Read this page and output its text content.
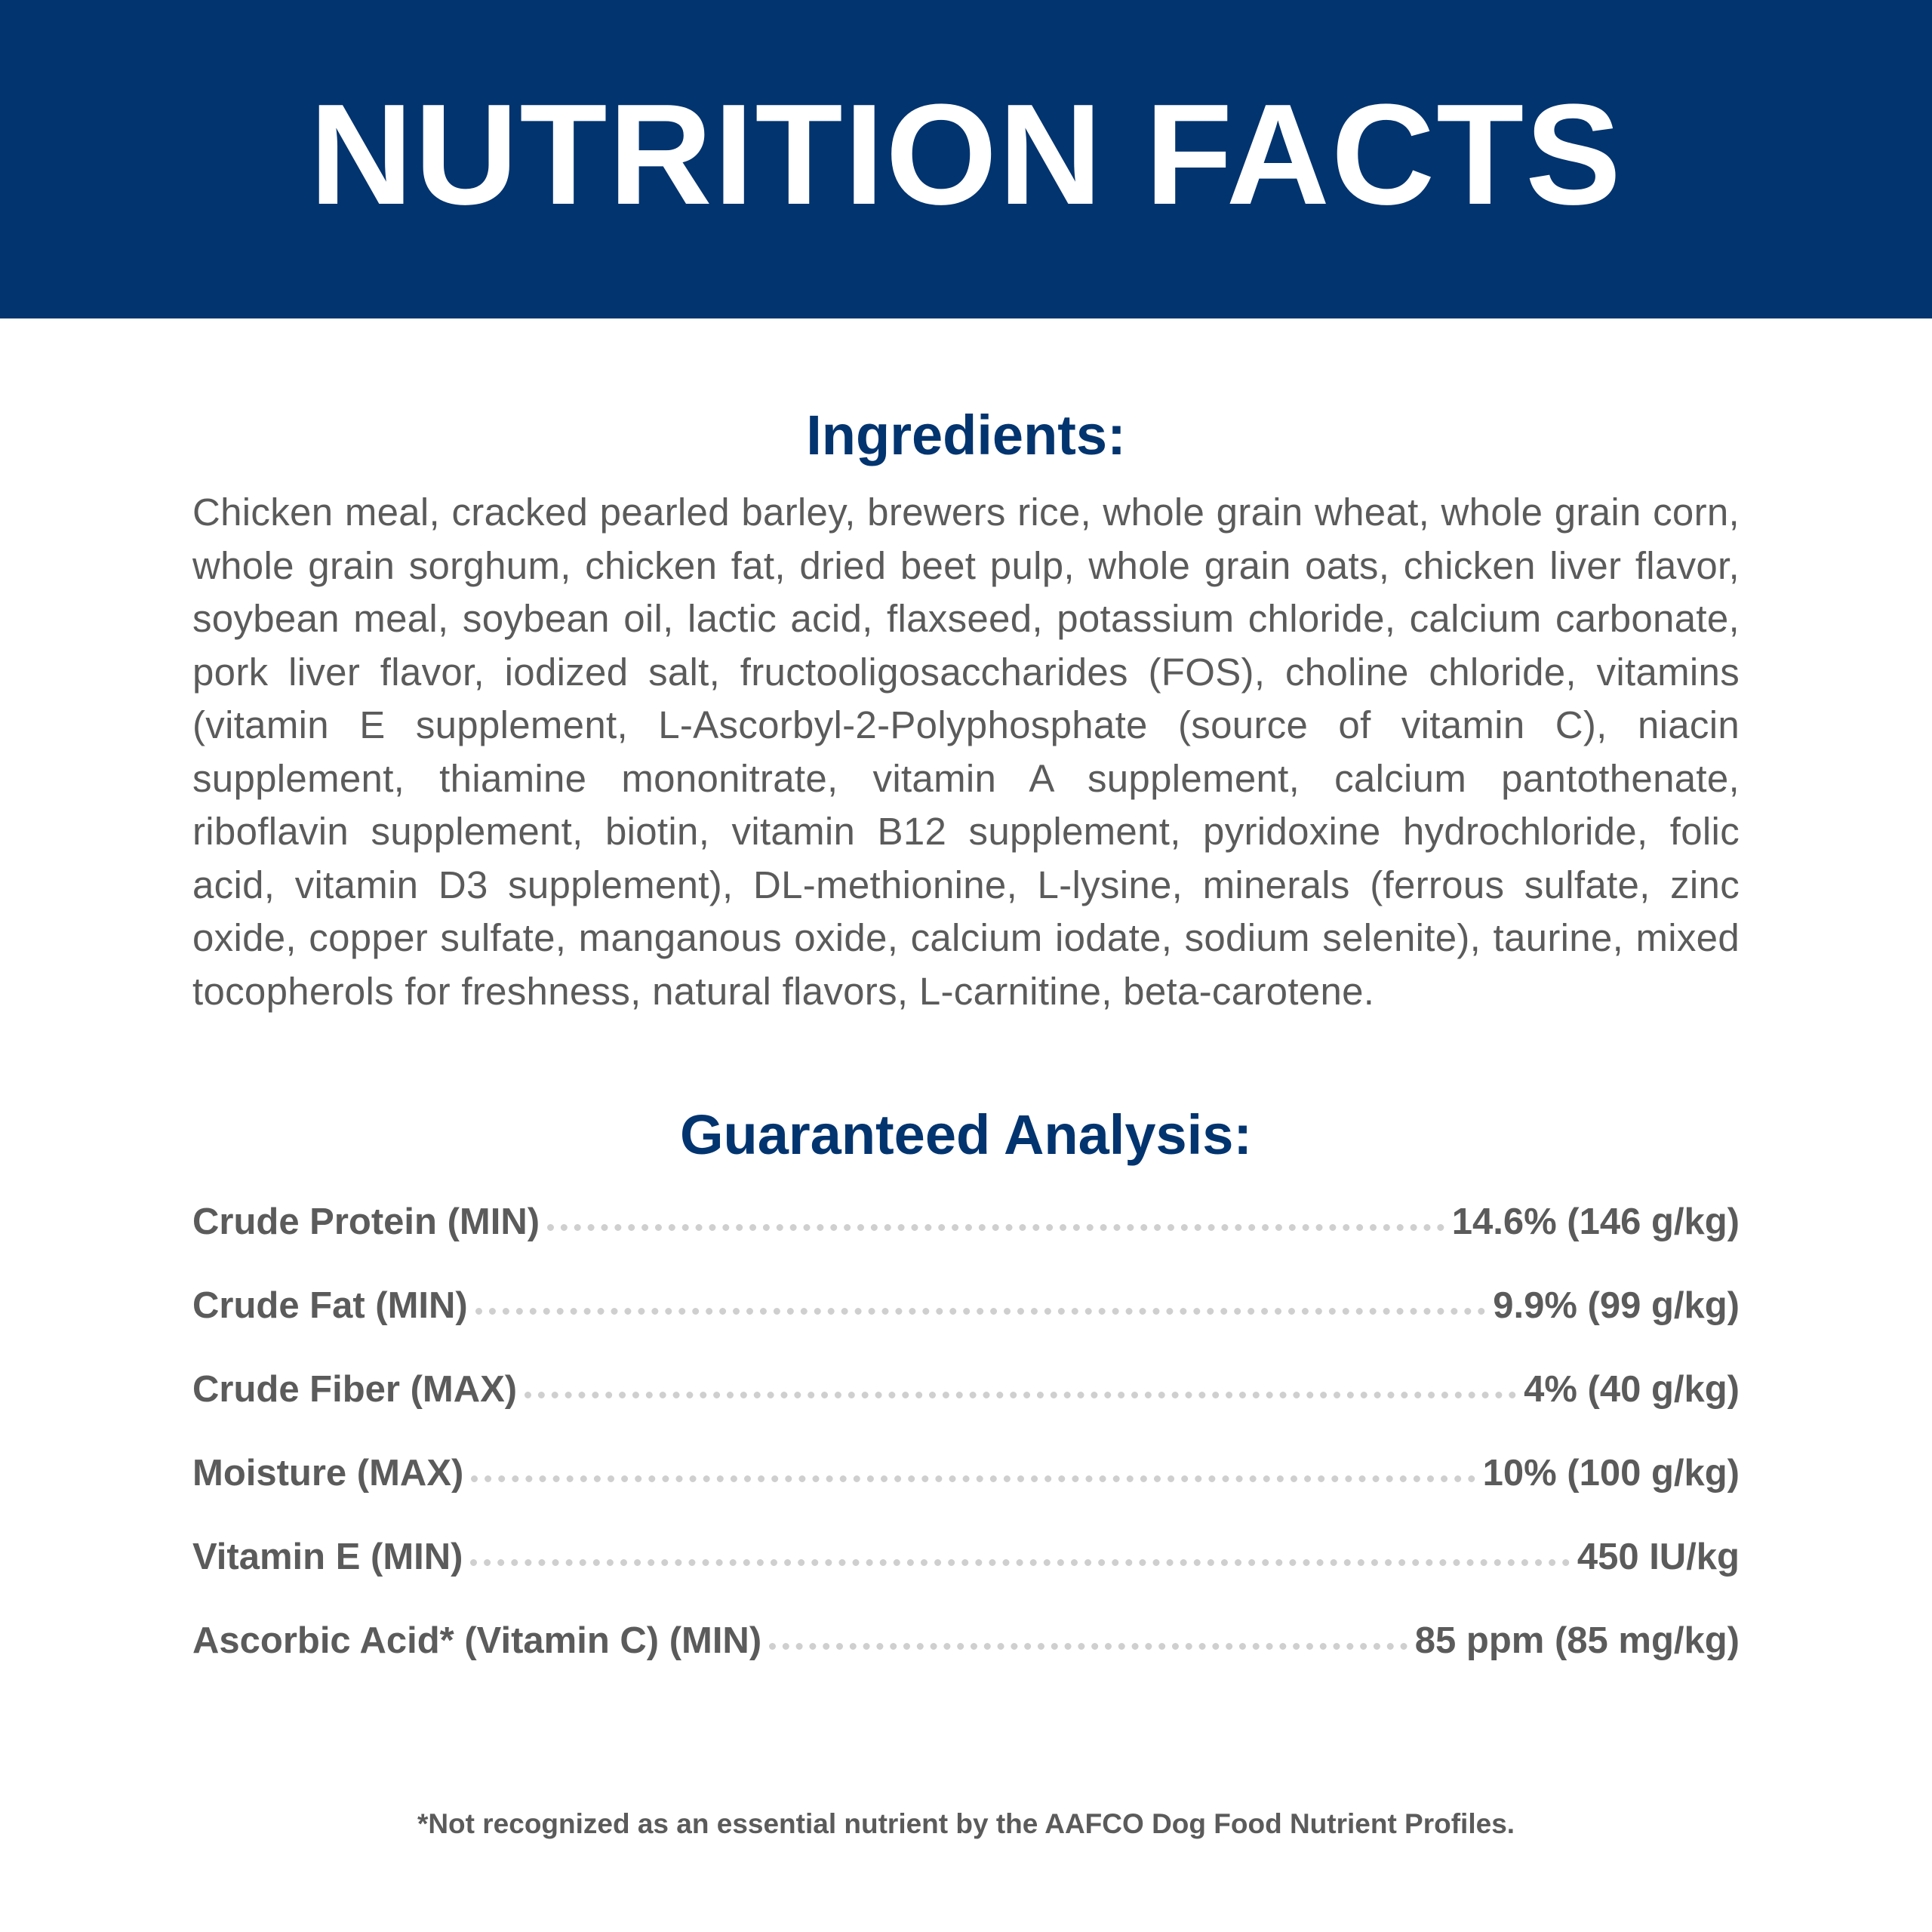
NUTRITION FACTS
Ingredients:

Chicken meal, cracked pearled barley, brewers rice, whole grain wheat, whole grain corn, whole grain sorghum, chicken fat, dried beet pulp, whole grain oats, chicken liver flavor, soybean meal, soybean oil, lactic acid, flaxseed, potassium chloride, calcium carbonate, pork liver flavor, iodized salt, fructooligosaccharides (FOS), choline chloride, vitamins (vitamin E supplement, L-Ascorbyl-2-Polyphosphate (source of vitamin C), niacin supplement, thiamine mononitrate, vitamin A supplement, calcium pantothenate, riboflavin supplement, biotin, vitamin B12 supplement, pyridoxine hydrochloride, folic acid, vitamin D3 supplement), DL-methionine, L-lysine, minerals (ferrous sulfate, zinc oxide, copper sulfate, manganous oxide, calcium iodate, sodium selenite), taurine, mixed tocopherols for freshness, natural flavors, L-carnitine, beta-carotene.

Guaranteed Analysis:
Crude Protein (MIN)	14.6% (146 g/kg)
Crude Fat (MIN)	9.9% (99 g/kg)
Crude Fiber (MAX)	4% (40 g/kg)
Moisture (MAX)	10% (100 g/kg)
Vitamin E (MIN)	450 IU/kg
Ascorbic Acid* (Vitamin C) (MIN)	85 ppm (85 mg/kg)
*Not recognized as an essential nutrient by the AAFCO Dog Food Nutrient Profiles.
